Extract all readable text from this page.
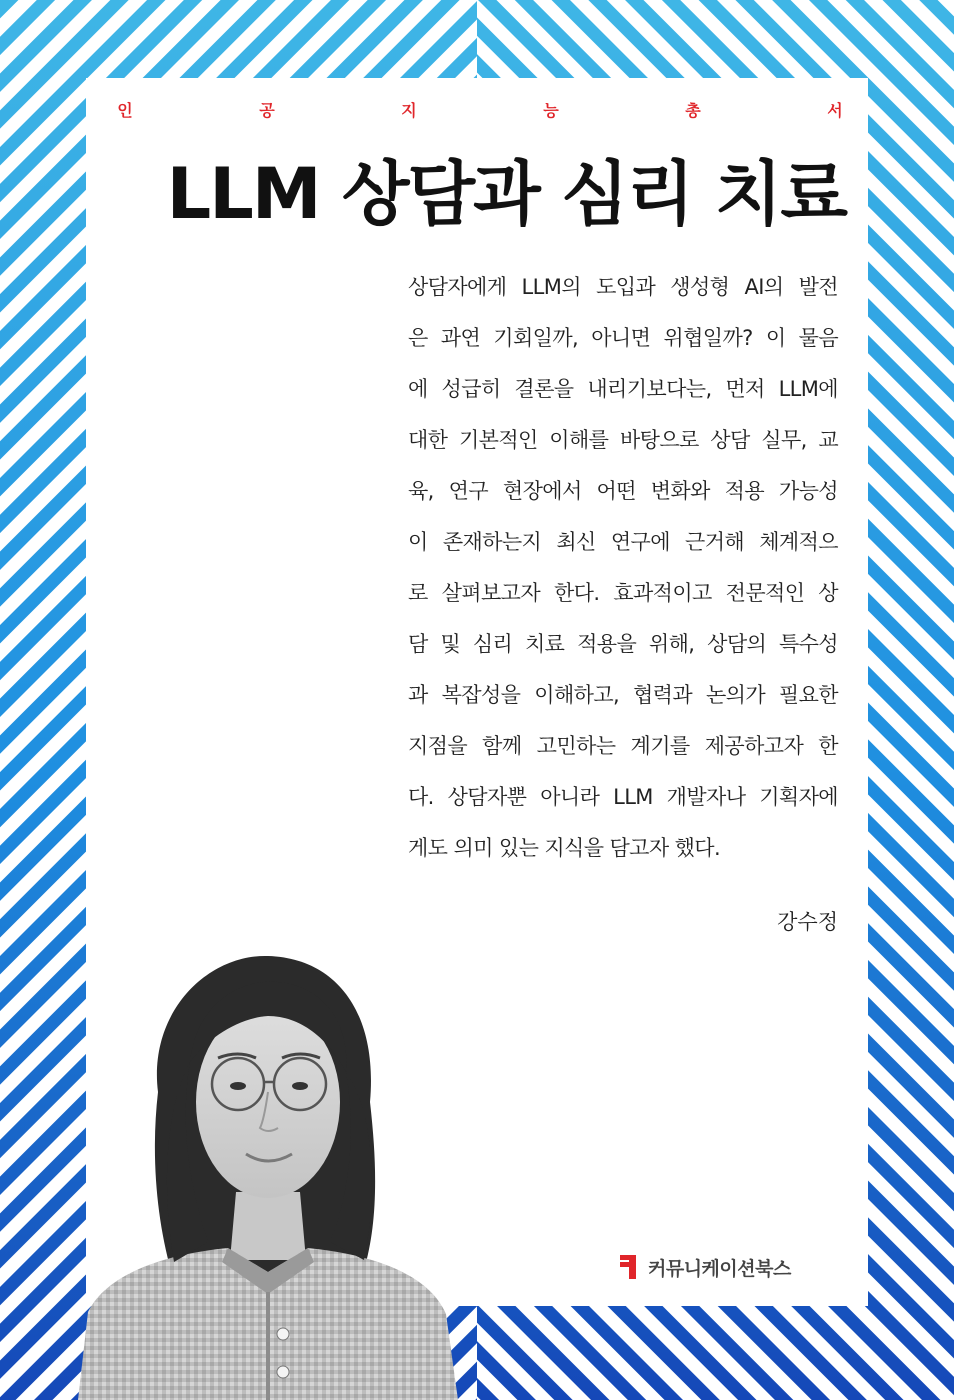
인	공	지	능	총	서
LLM 상담과 심리 치료
상담자에게 LLM의 도입과 생성형 AI의 발전
은 과연 기회일까, 아니면 위협일까? 이 물음
에 성급히 결론을 내리기보다는, 먼저 LLM에
대한 기본적인 이해를 바탕으로 상담 실무, 교
육, 연구 현장에서 어떤 변화와 적용 가능성
이 존재하는지 최신 연구에 근거해 체계적으
로 살펴보고자 한다. 효과적이고 전문적인 상
담 및 심리 치료 적용을 위해, 상담의 특수성
과 복잡성을 이해하고, 협력과 논의가 필요한
지점을 함께 고민하는 계기를 제공하고자 한
다. 상담자뿐 아니라 LLM 개발자나 기획자에
게도 의미 있는 지식을 담고자 했다.
강수정
커뮤니케이션북스
